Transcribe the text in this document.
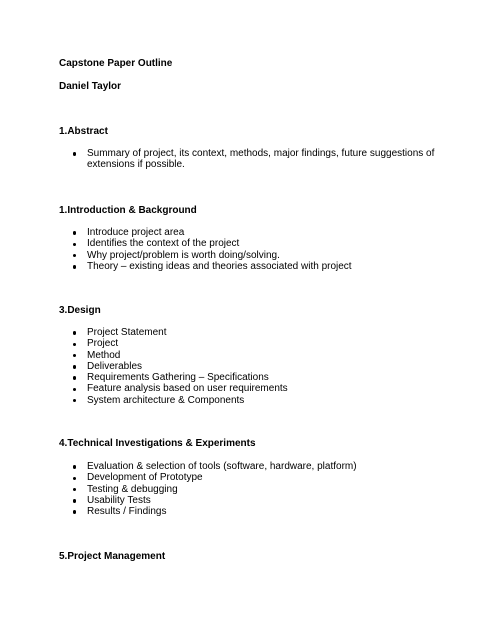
Capstone Paper Outline
Daniel Taylor
1.Abstract
Summary of project, its context, methods, major findings, future suggestions of extensions if possible.
1.Introduction & Background
Introduce project area
Identifies the context of the project
Why project/problem is worth doing/solving.
Theory – existing ideas and theories associated with project
3.Design
Project Statement
Project
Method
Deliverables
Requirements Gathering – Specifications
Feature analysis based on user requirements
System architecture & Components
4.Technical Investigations & Experiments
Evaluation & selection of tools (software, hardware, platform)
Development of Prototype
Testing & debugging
Usability Tests
Results / Findings
5.Project Management
